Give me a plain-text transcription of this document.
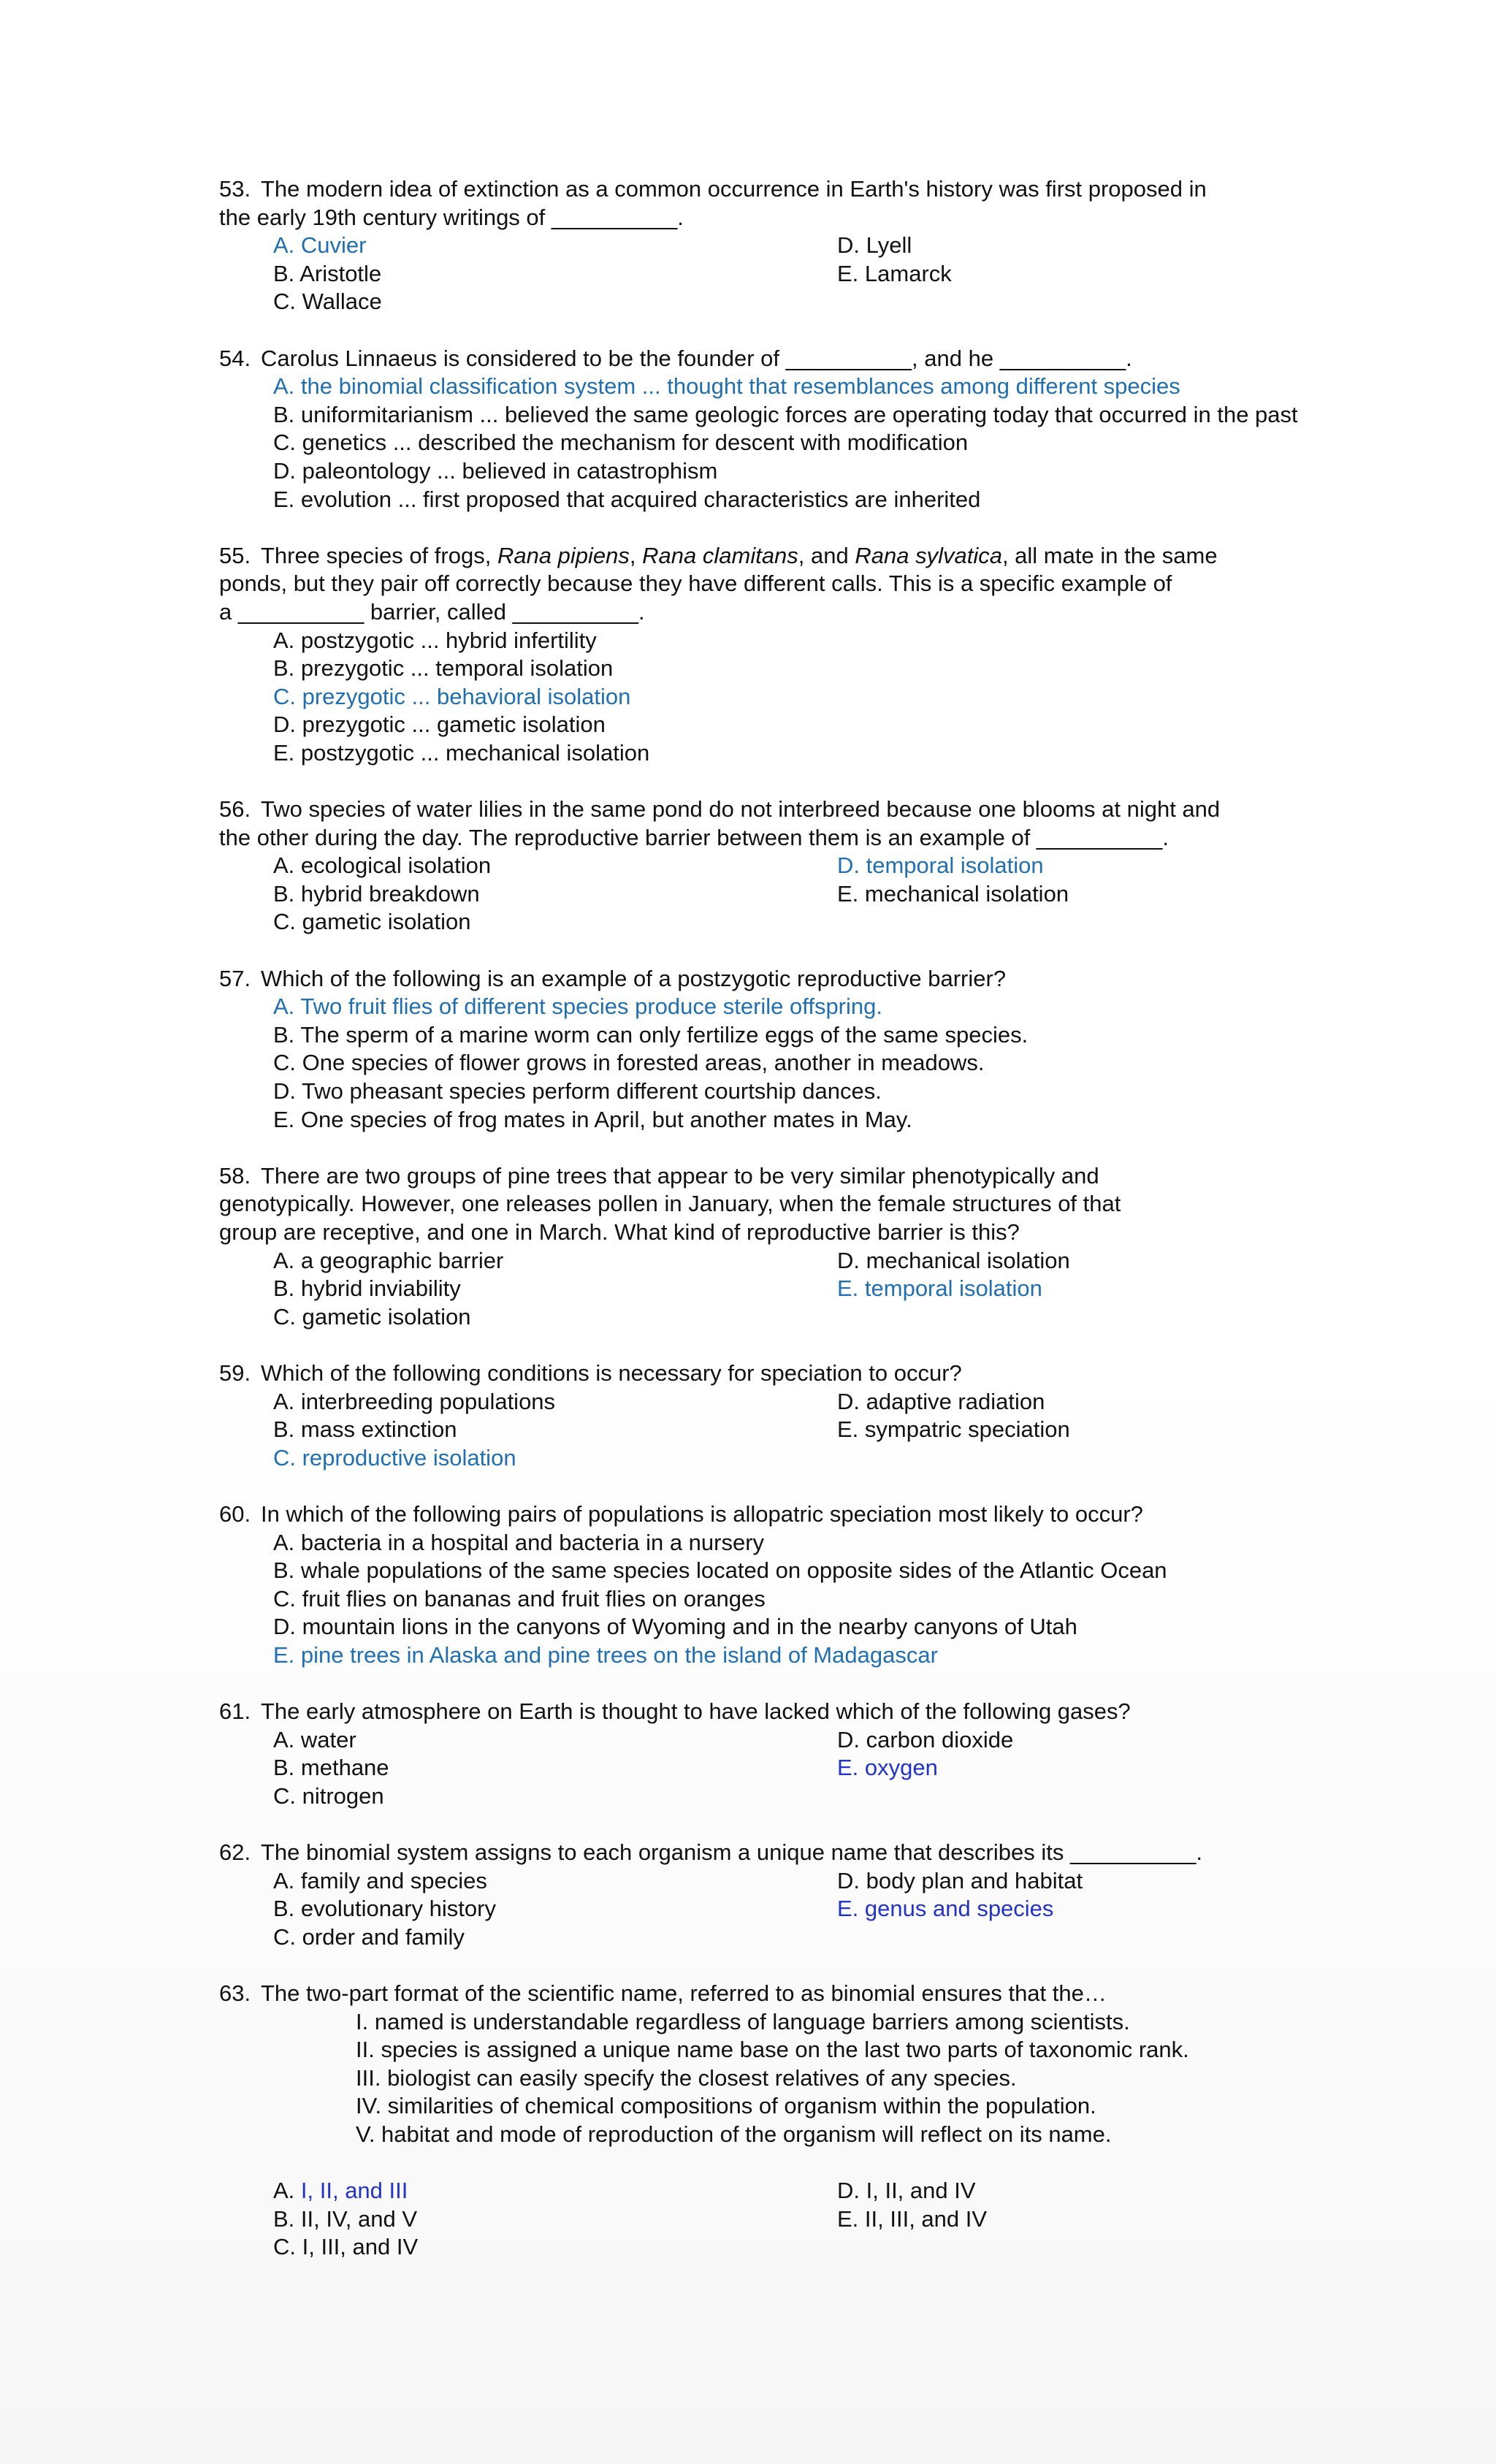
53. The modern idea of extinction as a common occurrence in Earth's history was first proposed in
the early 19th century writings of __________.
A. Cuvier	D. Lyell
B. Aristotle	E. Lamarck
C. Wallace
54. Carolus Linnaeus is considered to be the founder of __________, and he __________.
A. the binomial classification system ... thought that resemblances among different species
B. uniformitarianism ... believed the same geologic forces are operating today that occurred in the past
C. genetics ... described the mechanism for descent with modification
D. paleontology ... believed in catastrophism
E. evolution ... first proposed that acquired characteristics are inherited
55. Three species of frogs, Rana pipiens, Rana clamitans, and Rana sylvatica, all mate in the same
ponds, but they pair off correctly because they have different calls. This is a specific example of
a __________ barrier, called __________.
A. postzygotic ... hybrid infertility
B. prezygotic ... temporal isolation
C. prezygotic ... behavioral isolation
D. prezygotic ... gametic isolation
E. postzygotic ... mechanical isolation
56. Two species of water lilies in the same pond do not interbreed because one blooms at night and
the other during the day. The reproductive barrier between them is an example of __________.
A. ecological isolation	D. temporal isolation
B. hybrid breakdown	E. mechanical isolation
C. gametic isolation
57. Which of the following is an example of a postzygotic reproductive barrier?
A. Two fruit flies of different species produce sterile offspring.
B. The sperm of a marine worm can only fertilize eggs of the same species.
C. One species of flower grows in forested areas, another in meadows.
D. Two pheasant species perform different courtship dances.
E. One species of frog mates in April, but another mates in May.
58. There are two groups of pine trees that appear to be very similar phenotypically and
genotypically. However, one releases pollen in January, when the female structures of that
group are receptive, and one in March. What kind of reproductive barrier is this?
A. a geographic barrier	D. mechanical isolation
B. hybrid inviability	E. temporal isolation
C. gametic isolation
59. Which of the following conditions is necessary for speciation to occur?
A. interbreeding populations	D. adaptive radiation
B. mass extinction	E. sympatric speciation
C. reproductive isolation
60. In which of the following pairs of populations is allopatric speciation most likely to occur?
A. bacteria in a hospital and bacteria in a nursery
B. whale populations of the same species located on opposite sides of the Atlantic Ocean
C. fruit flies on bananas and fruit flies on oranges
D. mountain lions in the canyons of Wyoming and in the nearby canyons of Utah
E. pine trees in Alaska and pine trees on the island of Madagascar
61. The early atmosphere on Earth is thought to have lacked which of the following gases?
A. water	D. carbon dioxide
B. methane	E. oxygen
C. nitrogen
62. The binomial system assigns to each organism a unique name that describes its __________.
A. family and species	D. body plan and habitat
B. evolutionary history	E. genus and species
C. order and family
63. The two-part format of the scientific name, referred to as binomial ensures that the…
I. named is understandable regardless of language barriers among scientists.
II. species is assigned a unique name base on the last two parts of taxonomic rank.
III. biologist can easily specify the closest relatives of any species.
IV. similarities of chemical compositions of organism within the population.
V. habitat and mode of reproduction of the organism will reflect on its name.
A. I, II, and III	D. I, II, and IV
B. II, IV, and V	E. II, III, and IV
C. I, III, and IV
